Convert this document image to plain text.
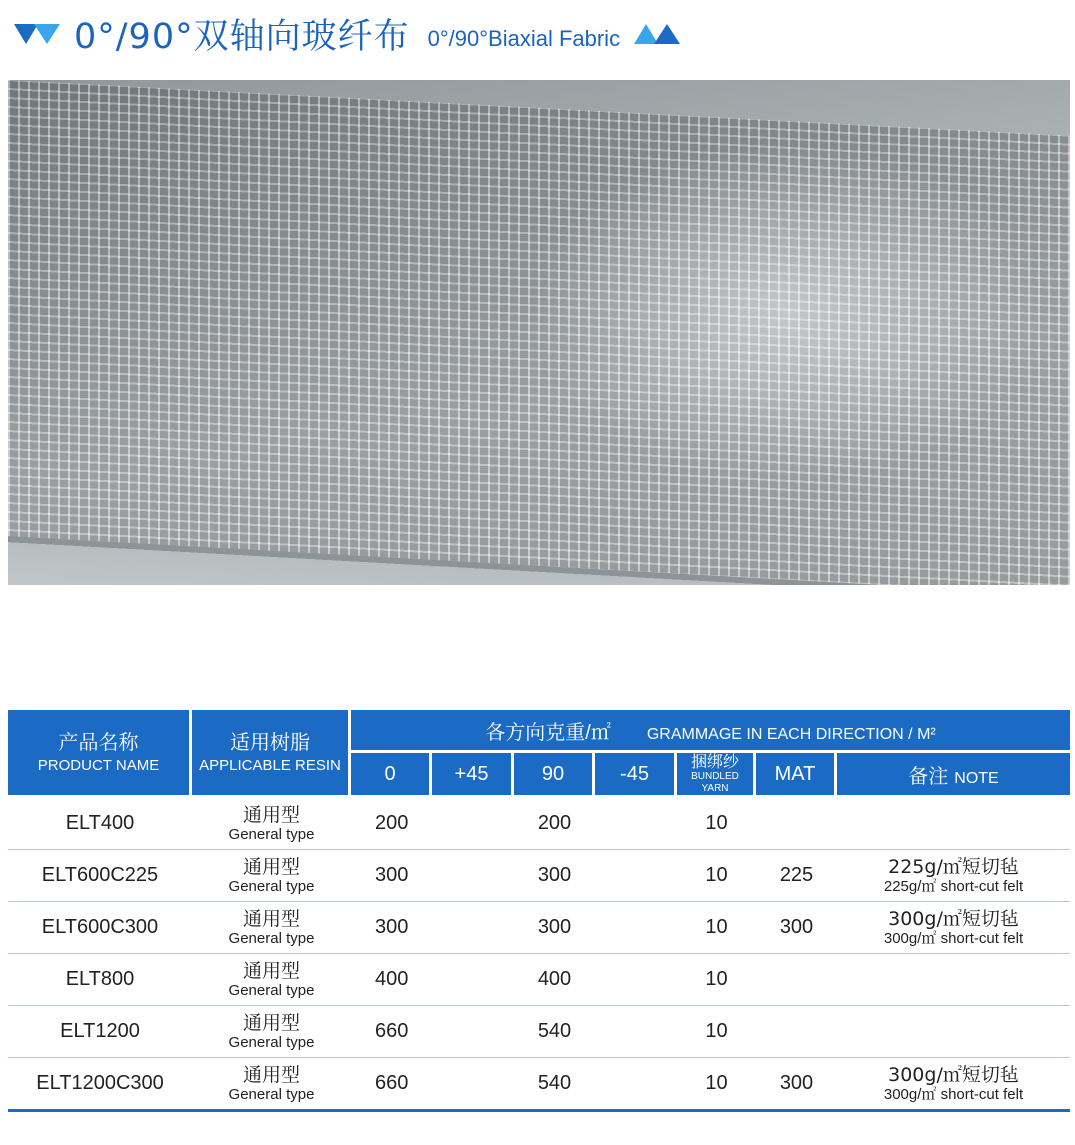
0°/90°双轴向玻纤布 0°/90°Biaxial Fabric
产品名称
PRODUCT NAME	适用树脂
APPLICABLE RESIN	各方向克重/㎡ GRAMMAGE IN EACH DIRECTION / M²						
		0	+45	90	-45	捆绑纱
BUNDLED YARN	MAT	备注 NOTE
ELT400	通用型
General type	200		200		10		

ELT600C225	通用型
General type	300		300		10	225	225g/㎡短切毡
225g/㎡ short-cut felt

ELT600C300	通用型
General type	300		300		10	300	300g/㎡短切毡
300g/㎡ short-cut felt

ELT800	通用型
General type	400		400		10		

ELT1200	通用型
General type	660		540		10		

ELT1200C300	通用型
General type	660		540		10	300	300g/㎡短切毡
300g/㎡ short-cut felt
